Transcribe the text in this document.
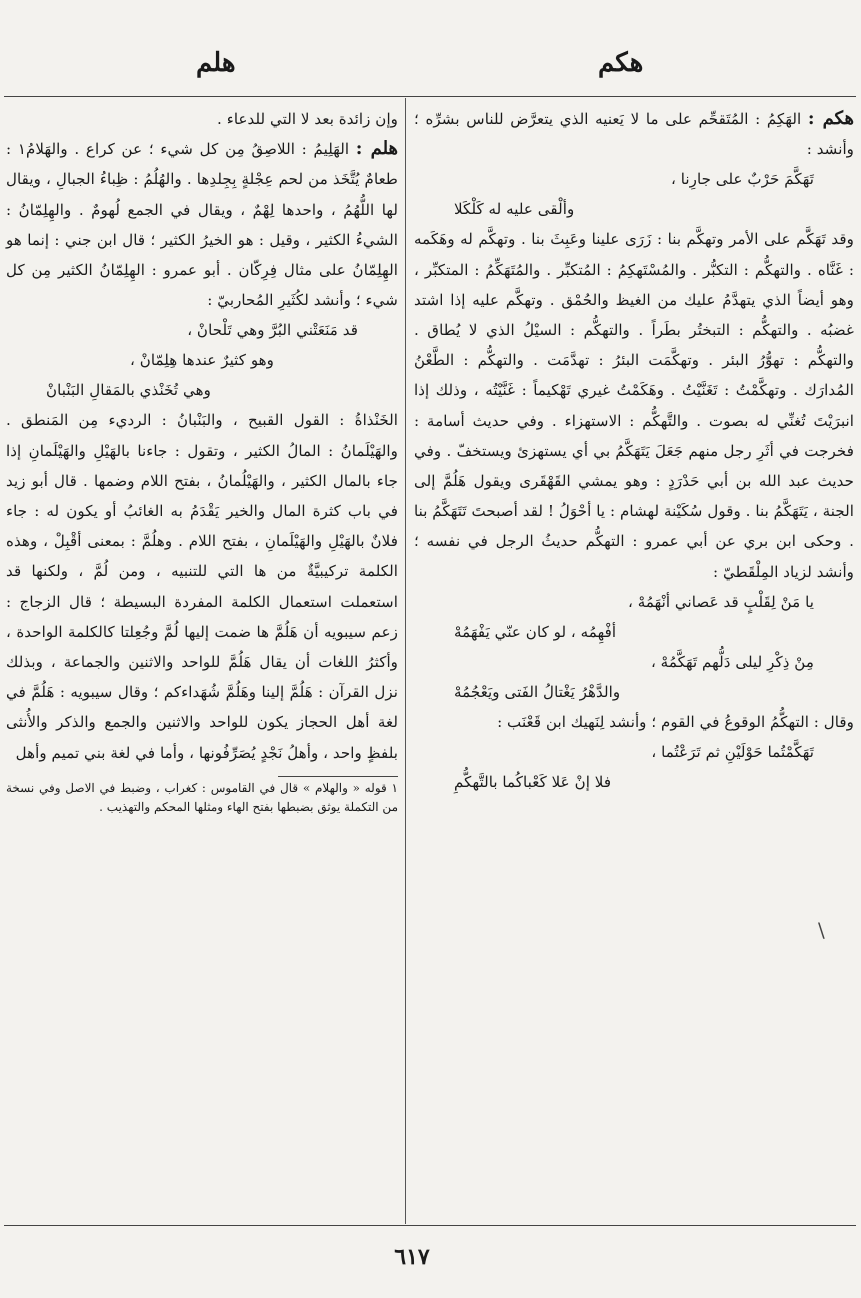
هكم
هلم

هكم : الهَكِمُ : المُتَقحِّم على ما لا يَعنيه الذي يتعرَّض للناس بشرِّه ؛ وأنشد :

تَهَكَّمَ حَرْبٌ على جارِنا ،

وألْقى عليه له كَلْكَلا

وقد تَهَكَّم على الأمر وتهكَّم بنا : زَرَى علينا وعَبِثَ بنا . وتهكَّم له وهَكَمه : غَنَّاه . والتهكُّم : التكبُّر . والمُسْتَهكِمُ : المُتكبِّر . والمُتَهَكِّمُ : المتكبِّر ، وهو أيضاً الذي يتهدَّمُ عليك من الغيظ والحُمْق . وتهكَّم عليه إذا اشتد غضبُه . والتهكُّم : التبختُر بطَراً . والتهكُّم : السيْلُ الذي لا يُطاق . والتهكُّم : تهوُّرُ البئر . وتهكَّمَت البئرُ : تهدَّمَت . والتهكُّم : الطَّعْنُ المُدارَك . وتهكَّمْتُ : تَغَنَّيْتُ . وهَكَمْتُ غيري تَهْكيماً : غَنَّيْتُه ، وذلك إذا انبرَيْتَ تُغنِّي له بصوت . والتَّهكُّم : الاستهزاء . وفي حديث أسامة : فخرجت في أثَرِ رجل منهم جَعَلَ يَتَهَكَّمُ بي أي يستهزئ ويستخفّ . وفي حديث عبد الله بن أبي حَدْرَدٍ : وهو يمشي القَهْقَرى ويقول هَلُمَّ إلى الجنة ، يَتَهَكَّمُ بنا . وقول سُكَيْنة لهشام : يا أحْوَلُ ! لقد أصبحتَ تَتَهَكَّمُ بنا . وحكى ابن بري عن أبي عمرو : التهكُّم حديثُ الرجل في نفسه ؛ وأنشد لزياد المِلْقَطيّ :

يا مَنْ لِقَلْبٍ قد عَصاني أنْهَمُهْ ،

أفْهِمُه ، لو كان عنّي يَفْهَمُهْ

مِنْ ذِكْرِ ليلى دَلُّهم تَهَكَّمُهْ ،

والدَّهْرُ يَغْتالُ الفَتى ويَعْجُمُهْ

وقال : التهكُّمُ الوقوعُ في القوم ؛ وأنشد لِنَهيك ابن قَعْنَب :

تَهَكَّمْتُما حَوْلَيْنِ ثم تَرَعْتُما ،

فلا إنْ عَلا كَعْباكُما بالتَّهكُّمِ

وإن زائدة بعد لا التي للدعاء .

هلم : الهَلِيمُ : اللاصِقُ مِن كل شيء ؛ عن كراع . والهَلامُ١ : طعامٌ يُتَّخَذ من لحم عِجْلةٍ بِجِلدِها . والهُلُمُ : ظِباءُ الجبالِ ، ويقال لها اللُّهُمُ ، واحدها لِهْمٌ ، ويقال في الجمع لُهومٌ . والهِلِمّانُ : الشيءُ الكثير ، وقيل : هو الخيرُ الكثير ؛ قال ابن جني : إنما هو الهِلِمّانُ على مثال فِرِكّان . أبو عمرو : الهِلِمّانُ الكثير مِن كل شيء ؛ وأنشد لكُثَيرِ المُحاربيّ :

قد مَنَعَتْني البُرَّ وهي تَلْحانْ ،

وهو كثيرٌ عندها هِلِمّانْ ،

وهي تُخَنْذي بالمَقالِ البَنْبانْ

الخَنْذاةُ : القول القبيح ، والبَنْبانُ : الرديء مِن المَنطق . والهَيْلَمانُ : المالُ الكثير ، وتقول : جاءنا بالهَيْلِ والهَيْلَمانِ إذا جاء بالمال الكثير ، والهَيْلُمانُ ، بفتح اللام وضمها . قال أبو زيد في باب كثرة المال والخير يَقْدَمُ به الغائبُ أو يكون له : جاء فلانٌ بالهَيْلِ والهَيْلَمانِ ، بفتح اللام . وهلُمَّ : بمعنى أقْبِلْ ، وهذه الكلمة تركيبيَّةٌ من ها التي للتنبيه ، ومن لُمَّ ، ولكنها قد استعملت استعمال الكلمة المفردة البسيطة ؛ قال الزجاج : زعم سيبويه أن هَلُمَّ ها ضمت إليها لُمَّ وجُعِلتا كالكلمة الواحدة ، وأكثرُ اللغات أن يقال هَلُمَّ للواحد والاثنين والجماعة ، وبذلك نزل القرآن : هَلُمَّ إلينا وهَلُمَّ شُهَداءكم ؛ وقال سيبويه : هَلُمَّ في لغة أهل الحجاز يكون للواحد والاثنين والجمع والذكر والأُنثى بلفظٍ واحد ، وأهلُ نَجْدٍ يُصَرِّفُونها ، وأما في لغة بني تميم وأهل

١ قوله « والهلام » قال في القاموس : كغراب ، وضبط في الاصل وفي نسخة من التكملة يوثق بضبطها بفتح الهاء ومثلها المحكم والتهذيب .

\
٦١٧
